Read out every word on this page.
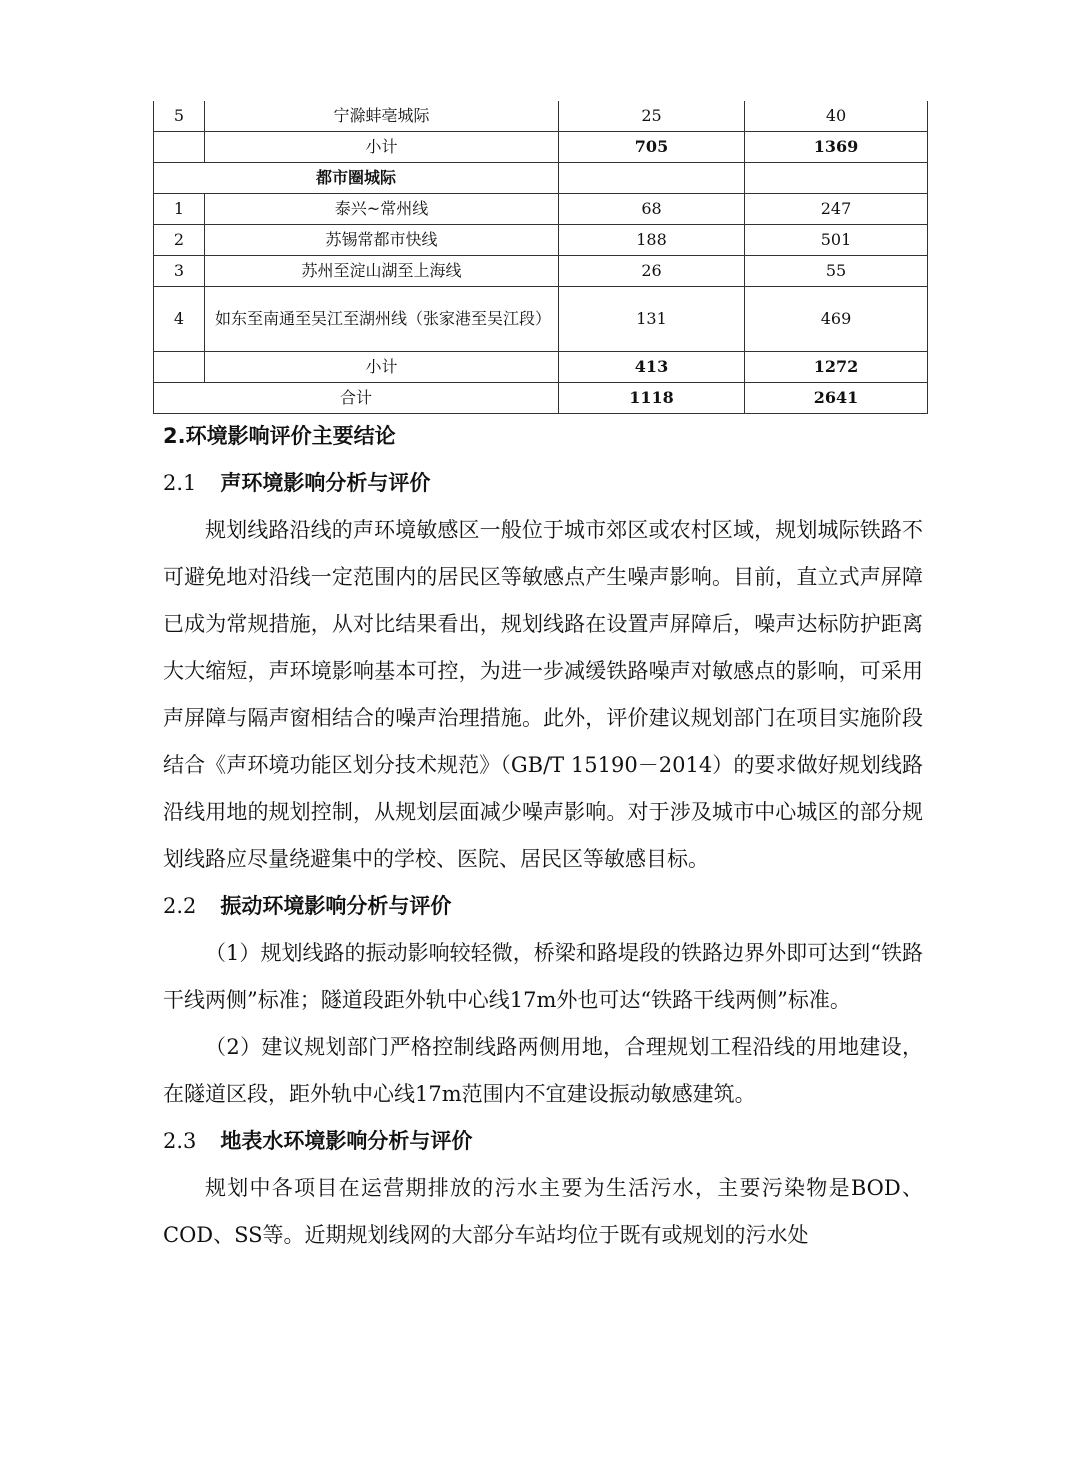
5	宁滁蚌亳城际	25	40
	小计	705	1369
都市圈城际			
1	泰兴~常州线	68	247
2	苏锡常都市快线	188	501
3	苏州至淀山湖至上海线	26	55
4	如东至南通至吴江至湖州线（张家港至吴江段）	131	469
	小计	413	1272
合计		1118	2641
2.环境影响评价主要结论
2.1 声环境影响分析与评价

规划线路沿线的声环境敏感区一般位于城市郊区或农村区域，规划城际铁路不可避免地对沿线一定范围内的居民区等敏感点产生噪声影响。目前，直立式声屏障已成为常规措施，从对比结果看出，规划线路在设置声屏障后，噪声达标防护距离大大缩短，声环境影响基本可控，为进一步减缓铁路噪声对敏感点的影响，可采用声屏障与隔声窗相结合的噪声治理措施。此外，评价建议规划部门在项目实施阶段结合《声环境功能区划分技术规范》（GB/T 15190－2014）的要求做好规划线路沿线用地的规划控制，从规划层面减少噪声影响。对于涉及城市中心城区的部分规划线路应尽量绕避集中的学校、医院、居民区等敏感目标。

2.2 振动环境影响分析与评价

（1）规划线路的振动影响较轻微，桥梁和路堤段的铁路边界外即可达到“铁路干线两侧”标准；隧道段距外轨中心线17m外也可达“铁路干线两侧”标准。

（2）建议规划部门严格控制线路两侧用地，合理规划工程沿线的用地建设，在隧道区段，距外轨中心线17m范围内不宜建设振动敏感建筑。

2.3 地表水环境影响分析与评价

规划中各项目在运营期排放的污水主要为生活污水，主要污染物是BOD、COD、SS等。近期规划线网的大部分车站均位于既有或规划的污水处
